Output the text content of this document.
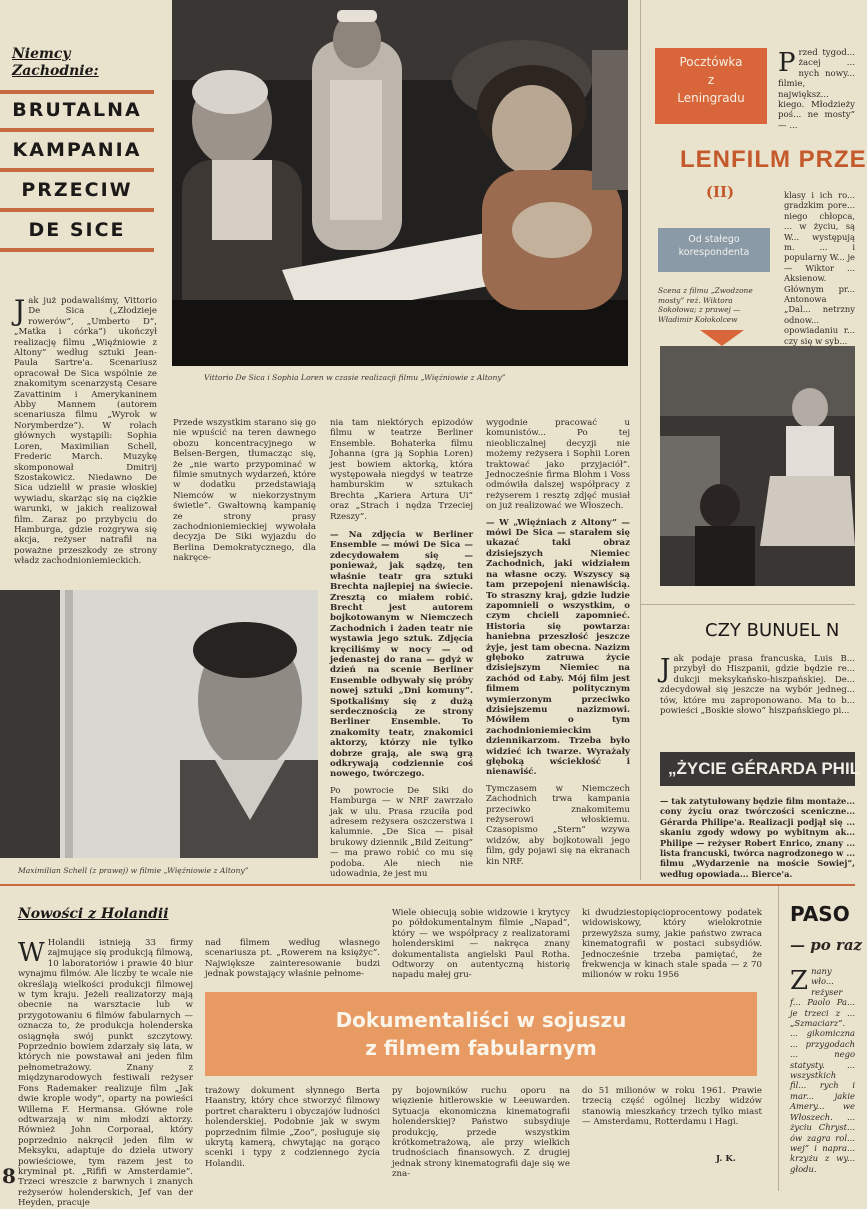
Niemcy Zachodnie:
BRUTALNA
KAMPANIA
PRZECIW
DE SICE
Vittorio De Sica i Sophia Loren w czasie realizacji filmu „Więźniowie z Altony”
J ak już podawaliśmy, Vittorio De Sica („Złodzieje rowerów”, „Umberto D”, „Matka i córka”) ukończył realizację filmu „Więźniowie z Altony” według sztuki Jean-Paula Sartre'a. Scenariusz opracował De Sica wspólnie ze znakomitym scenarzystą Cesare Zavattinim i Amerykaninem Abby Mannem (autorem scenariusza filmu „Wyrok w Norymberdze”). W rolach głównych wystąpili: Sophia Loren, Maximilian Schell, Frederic March. Muzykę skomponował Dmitrij Szostakowicz. Niedawno De Sica udzielił w prasie włoskiej wywiadu, skarżąc się na ciężkie warunki, w jakich realizował film. Zaraz po przybyciu do Hamburga, gdzie rozgrywa się akcja, reżyser natrafił na poważne przeszkody ze strony władz zachodnioniemieckich.
Przede wszystkim starano się go nie wpuścić na teren dawnego obozu koncentracyjnego w Belsen-Bergen, tłumacząc się, że „nie warto przypominać w filmie smutnych wydarzeń, które w dodatku przedstawiają Niemców w niekorzystnym świetle”. Gwałtowną kampanię ze strony prasy zachodnioniemieckiej wywołała decyzja De Siki wyjazdu do Berlina Demokratycznego, dla nakręce-

nia tam niektórych epizodów filmu w teatrze Berliner Ensemble. Bohaterka filmu Johanna (gra ją Sophia Loren) jest bowiem aktorką, która występowała niegdyś w teatrze hamburskim w sztukach Brechta „Kariera Artura Ui” oraz „Strach i nędza Trzeciej Rzeszy”.

— Na zdjęcia w Berliner Ensemble — mówi De Sica — zdecydowałem się — ponieważ, jak sądzę, ten właśnie teatr gra sztuki Brechta najlepiej na świecie. Zresztą co miałem robić. Brecht jest autorem bojkotowanym w Niemczech Zachodnich i żaden teatr nie wystawia jego sztuk. Zdjęcia kręciliśmy w nocy — od jedenastej do rana — gdyż w dzień na scenie Berliner Ensemble odbywały się próby nowej sztuki „Dni komuny”. Spotkaliśmy się z dużą serdecznością ze strony Berliner Ensemble. To znakomity teatr, znakomici aktorzy, którzy nie tylko dobrze grają, ale swą grą odkrywają codziennie coś nowego, twórczego.

Po powrocie De Siki do Hamburga — w NRF zawrzało jak w ulu. Prasa rzuciła pod adresem reżysera oszczerstwa i kalumnie. „De Sica — pisał brukowy dziennik „Bild Zeitung” — ma prawo robić co mu się podoba. Ale niech nie udowadnia, że jest mu

wygodnie pracować u komunistów... Po tej nieobliczalnej decyzji nie możemy reżysera i Sophii Loren traktować jako przyjaciół”. Jednocześnie firma Blohm i Voss odmówiła dalszej współpracy z reżyserem i resztę zdjęć musiał on już realizować we Włoszech.

— W „Więźniach z Altony” — mówi De Sica — starałem się ukazać taki obraz dzisiejszych Niemiec Zachodnich, jaki widziałem na własne oczy. Wszyscy są tam przepojeni nienawiścią. To straszny kraj, gdzie ludzie zapomnieli o wszystkim, o czym chcieli zapomnieć. Historia się powtarza: haniebna przeszłość jeszcze żyje, jest tam obecna. Nazizm głęboko zatruwa życie dzisiejszym Niemiec na zachód od Łaby. Mój film jest filmem politycznym wymierzonym przeciwko dzisiejszemu nazizmowi. Mówiłem o tym zachodnioniemieckim dziennikarzom. Trzeba było widzieć ich twarze. Wyrażały głęboką wściekłość i nienawiść.

Tymczasem w Niemczech Zachodnich trwa kampania przeciwko znakomitemu reżyserowi włoskiemu. Czasopismo „Stern” wzywa widzów, aby bojkotowali jego film, gdy pojawi się na ekranach kin NRF.

Maximilian Schell (z prawej) w filmie „Więźniowie z Altony”
Pocztówka
z
Leningradu
P rzed tygod... żacej ... nych nowy... filmie, największ... kiego. Młodzieży poś... ne mosty” — ...
LENFILM PRZE
(II)
Od stałego korespondenta
Scena z filmu „Zwodzone mosty” reż. Wiktora Sokołowa; z prawej — Władimir Kołokolcew
klasy i ich ro... gradzkim pore... niego chłopca, ... w życiu, są W... występują m. ... i popularny W... je — Wiktor ... Aksienow. Głównym pr... Antonowa „Dal... netrzny odnow... opowiadaniu r... czy się w syb...
CZY BUNUEL N
J ak podaje prasa francuska, Luis B... przybył do Hiszpanii, gdzie będzie re... dukcji meksykańsko-hiszpańskiej. De... zdecydował się jeszcze na wybór jedneg... tów, które mu zaproponowano. Ma to b... powieści „Boskie słowo” hiszpańskiego pi...
„ŻYCIE GÉRARDA PHIL
— tak zatytułowany będzie film montaże... cony życiu oraz twórczości sceniczne... Gérarda Philipe'a. Realizacji podjął się ... skaniu zgody wdowy po wybitnym ak... Philipe — reżyser Robert Enrico, znany ... lista francuski, twórca nagrodzonego w ... filmu „Wydarzenie na moście Sowiej”, według opowiada... Bierce'a.
Nowości z Holandii
W Holandii istnieją 33 firmy zajmujące się produkcją filmową, 10 laboratoriów i prawie 40 biur wynajmu filmów. Ale liczby te wcale nie określają wielkości produkcji filmowej w tym kraju. Jeżeli realizatorzy mają obecnie na warsztacie lub w przygotowaniu 6 filmów fabularnych — oznacza to, że produkcja holenderska osiągnęła swój punkt szczytowy. Poprzednio bowiem zdarzały się lata, w których nie powstawał ani jeden film pełnometrażowy. Znany z międzynarodowych festiwali reżyser Fons Rademaker realizuje film „Jak dwie krople wody”, oparty na powieści Willema F. Hermansa. Główne role odtwarzają w nim młodzi aktorzy. Również John Corporaal, który poprzednio nakręcił jeden film w Meksyku, adaptuje do dzieła utwory powieściowe, tym razem jest to kryminał pt. „Rififi w Amsterdamie”. Trzeci wreszcie z barwnych i znanych reżyserów holenderskich, Jef van der Heyden, pracuje
nad filmem według własnego scenariusza pt. „Rowerem na księżyc”. Największe zainteresowanie budzi jednak powstający właśnie pełnome-
Wiele obiecują sobie widzowie i krytycy po półdokumentalnym filmie „Napad”, który — we współpracy z realizatorami holenderskimi — nakręca znany dokumentalista angielski Paul Rotha. Odtworzy on autentyczną historię napadu małej gru-
ki dwudziestopięcioprocentowy podatek widowiskowy, który wielokrotnie przewyższa sumy, jakie państwo zwraca kinematografii w postaci subsydiów. Jednocześnie trzeba pamiętać, że frekwencja w kinach stale spada — z 70 milionów w roku 1956
Dokumentaliści w sojuszu
z filmem fabularnym
trażowy dokument słynnego Berta Haanstry, który chce stworzyć filmowy portret charakteru i obyczajów ludności holenderskiej. Podobnie jak w swym poprzednim filmie „Zoo”, posługuje się ukrytą kamerą, chwytając na gorąco scenki i typy z codziennego życia Holandii.
py bojowników ruchu oporu na więzienie hitlerowskie w Leeuwarden. Sytuacja ekonomiczna kinematografii holenderskiej? Państwo subsydiuje produkcję, przede wszystkim krótkometrażową, ale przy wielkich trudnościach finansowych. Z drugiej jednak strony kinematografii daje się we zna-
do 51 milionów w roku 1961. Prawie trzecią część ogólnej liczby widzów stanowią mieszkańcy trzech tylko miast — Amsterdamu, Rotterdamu i Hagi.
J. K.
PASO
— po raz
Z nany wło... reżyser f... Paolo Pa... je trzeci z ... „Szmaciarz”. ... gikomiczna ... przygodach ... nego statysty. ... wszystkich fil... rych i mar... jakie Amery... we Włoszech. ... życiu Chryst... ów zagra rol... wej” i napra... krzyżu z wy... głodu.
8
